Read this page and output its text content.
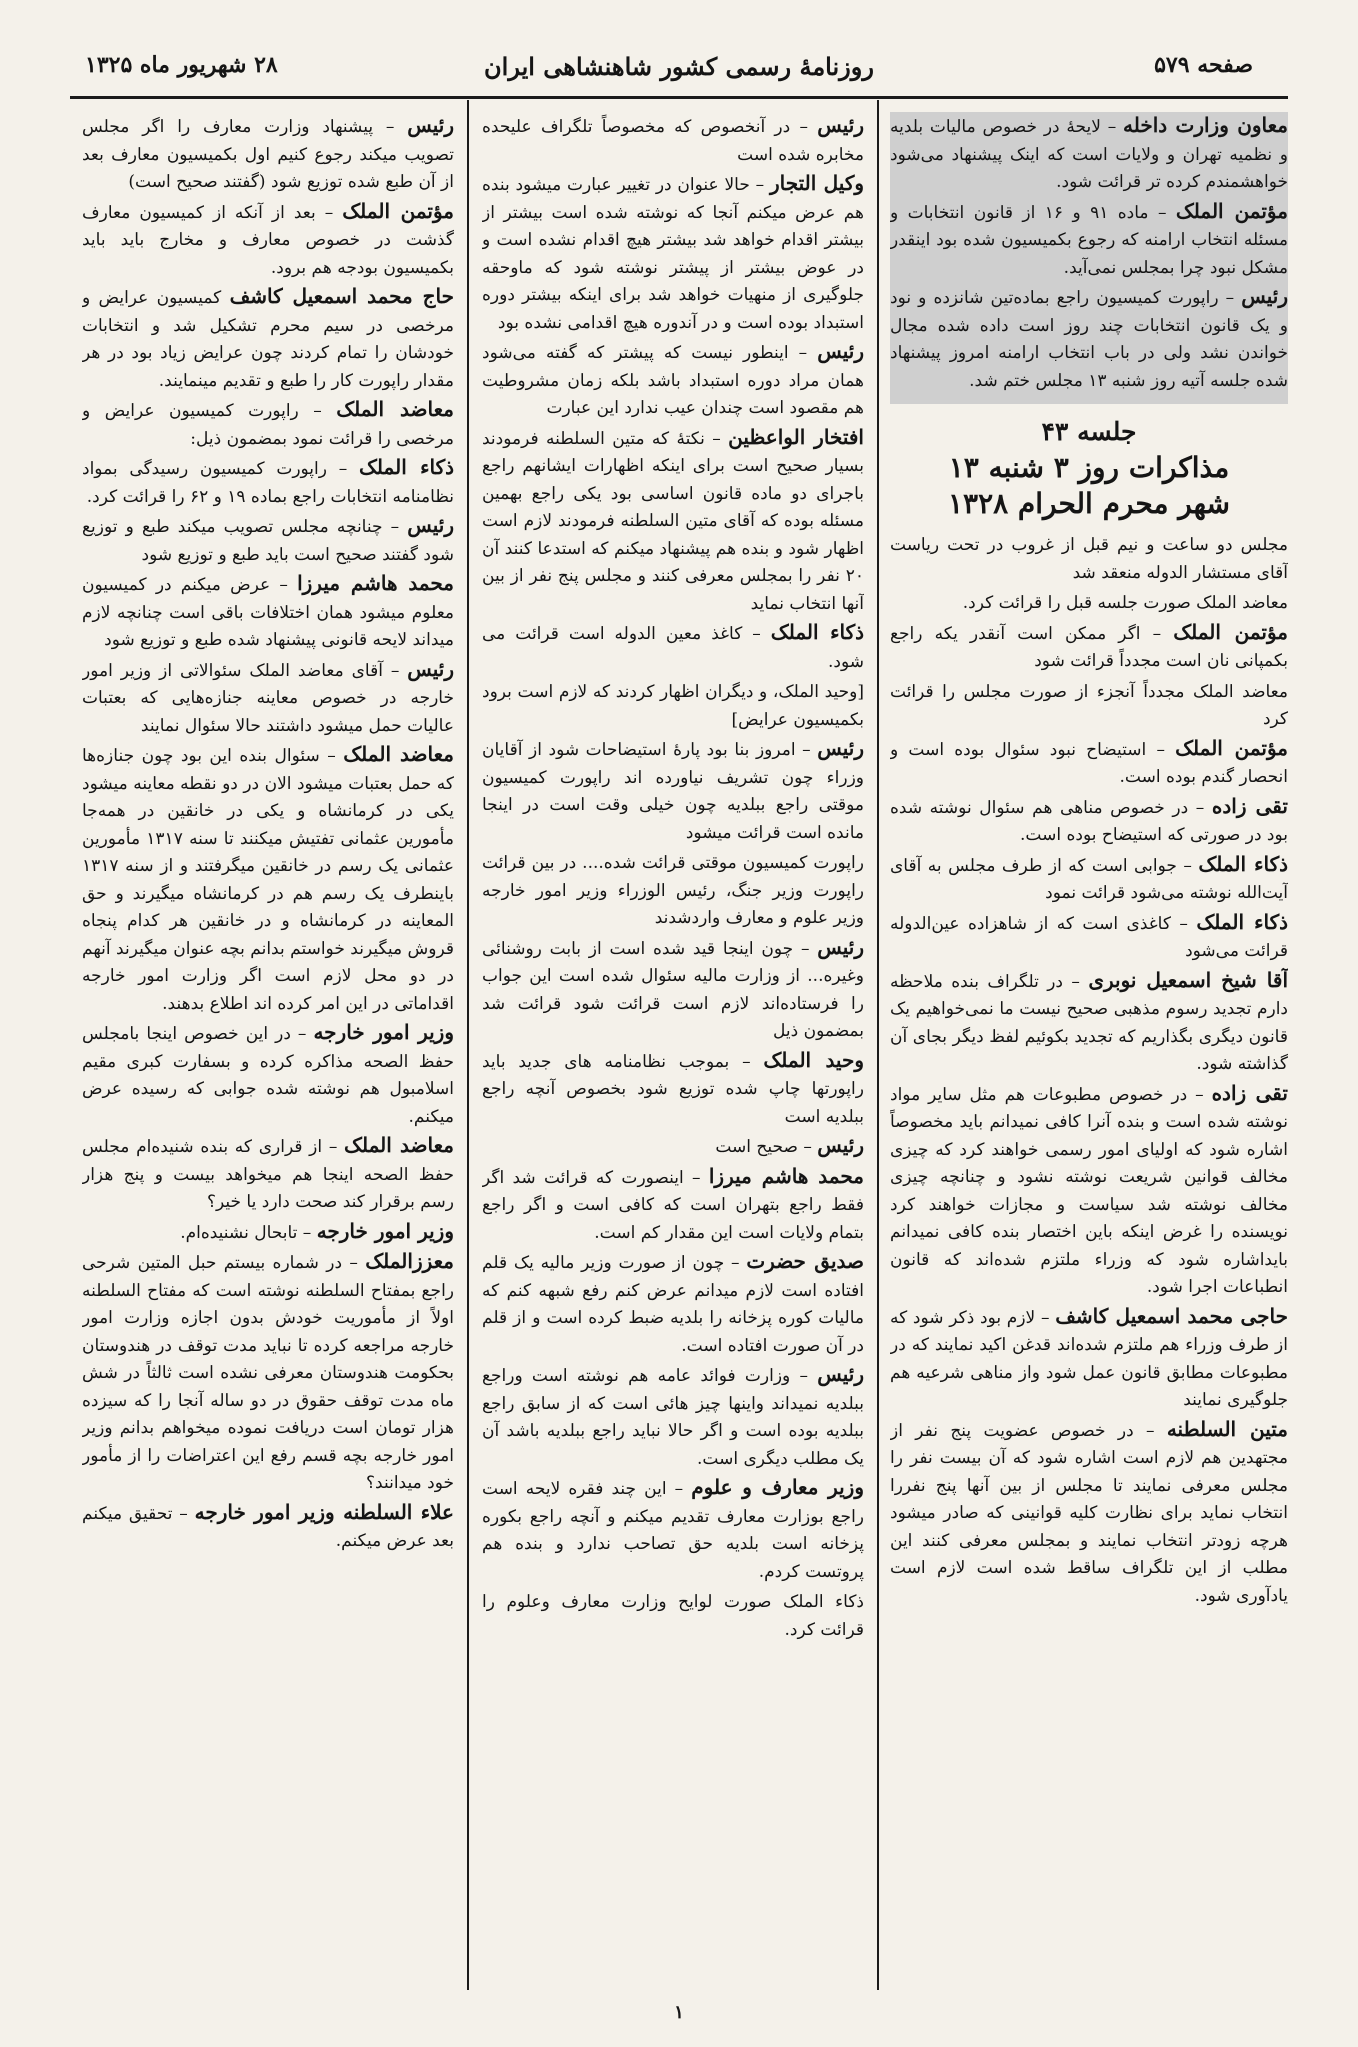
صفحه ۵۷۹
روزنامهٔ رسمی کشور شاهنشاهی ایران
۲۸ شهریور ماه ۱۳۲۵

معاون وزارت داخله – لایحهٔ در خصوص مالیات بلدیه و نظمیه تهران و ولایات است که اینک پیشنهاد می‌شود خواهشمندم کرده تر قرائت شود.

مؤتمن الملک – ماده ۹۱ و ۱۶ از قانون انتخابات و مسئله انتخاب ارامنه که رجوع بکمیسیون شده بود اینقدر مشکل نبود چرا بمجلس نمی‌آید.

رئیس – راپورت کمیسیون راجع بماده‌تین شانزده و نود و یک قانون انتخابات چند روز است داده شده مجال خواندن نشد ولی در باب انتخاب ارامنه امروز پیشنهاد شده جلسه آتیه روز شنبه ۱۳ مجلس ختم شد.

جلسه ۴۳
مذاکرات روز ۳ شنبه ۱۳
شهر محرم الحرام ۱۳۲۸

مجلس دو ساعت و نیم قبل از غروب در تحت ریاست آقای مستشار الدوله منعقد شد

معاضد الملک صورت جلسه قبل را قرائت کرد.

مؤتمن الملک – اگر ممکن است آنقدر یکه راجع بکمپانی نان است مجدداً قرائت شود

معاضد الملک مجدداً آنجزء از صورت مجلس را قرائت کرد

مؤتمن الملک – استیضاح نبود سئوال بوده است و انحصار گندم بوده است.

تقی زاده – در خصوص مناهی هم سئوال نوشته شده بود در صورتی که استیضاح بوده است.

ذکاء الملک – جوابی است که از طرف مجلس به آقای آیت‌الله نوشته می‌شود قرائت نمود

ذکاء الملک – کاغذی است که از شاهزاده عین‌الدوله قرائت می‌شود

آقا شیخ اسمعیل نوبری – در تلگراف بنده ملاحظه دارم تجدید رسوم مذهبی صحیح نیست ما نمی‌خواهیم یک قانون دیگری بگذاریم که تجدید بکوئیم لفظ دیگر بجای آن گذاشته شود.

تقی زاده – در خصوص مطبوعات هم مثل سایر مواد نوشته شده است و بنده آنرا کافی نمیدانم باید مخصوصاً اشاره شود که اولیای امور رسمی خواهند کرد که چیزی مخالف قوانین شریعت نوشته نشود و چنانچه چیزی مخالف نوشته شد سیاست و مجازات خواهند کرد نویسنده را غرض اینکه باین اختصار بنده کافی نمیدانم بایداشاره شود که وزراء ملتزم شده‌اند که قانون انطباعات اجرا شود.

حاجی محمد اسمعیل کاشف – لازم بود ذکر شود که از طرف وزراء هم ملتزم شده‌اند قدغن اکید نمایند که در مطبوعات مطابق قانون عمل شود واز مناهی شرعیه هم جلوگیری نمایند

متین السلطنه – در خصوص عضویت پنج نفر از مجتهدین هم لازم است اشاره شود که آن بیست نفر را مجلس معرفی نمایند تا مجلس از بین آنها پنج نفررا انتخاب نماید برای نظارت کلیه قوانینی که صادر میشود هرچه زودتر انتخاب نمایند و بمجلس معرفی کنند این مطلب از این تلگراف ساقط شده است لازم است یادآوری شود.

رئیس – در آنخصوص که مخصوصاً تلگراف علیحده مخابره شده است

وکیل التجار – حالا عنوان در تغییر عبارت میشود بنده هم عرض میکنم آنجا که نوشته شده است بیشتر از بیشتر اقدام خواهد شد بیشتر هیچ اقدام نشده است و در عوض بیشتر از پیشتر نوشته شود که ماوحقه جلوگیری از منهیات خواهد شد برای اینکه بیشتر دوره استبداد بوده است و در آندوره هیچ اقدامی نشده بود

رئیس – اینطور نیست که پیشتر که گفته می‌شود همان مراد دوره استبداد باشد بلکه زمان مشروطیت هم مقصود است چندان عیب ندارد این عبارت

افتخار الواعظین – نکتهٔ که متین السلطنه فرمودند بسیار صحیح است برای اینکه اظهارات ایشانهم راجع باجرای دو ماده قانون اساسی بود یکی راجع بهمین مسئله بوده که آقای متین السلطنه فرمودند لازم است اظهار شود و بنده هم پیشنهاد میکنم که استدعا کنند آن ۲۰ نفر را بمجلس معرفی کنند و مجلس پنج نفر از بین آنها انتخاب نماید

ذکاء الملک – کاغذ معین الدوله است قرائت می شود.

[وحید الملک، و دیگران اظهار کردند که لازم است برود بکمیسیون عرایض]

رئیس – امروز بنا بود پارهٔ استیضاحات شود از آقایان وزراء چون تشریف نیاورده اند راپورت کمیسیون موقتی راجع ببلدیه چون خیلی وقت است در اینجا مانده است قرائت میشود

راپورت کمیسیون موقتی قرائت شده.... در بین قرائت راپورت وزیر جنگ، رئیس الوزراء وزیر امور خارجه وزیر علوم و معارف واردشدند

رئیس – چون اینجا قید شده است از بابت روشنائی وغیره... از وزارت مالیه سئوال شده است این جواب را فرستاده‌اند لازم است قرائت شود قرائت شد بمضمون ذیل

وحید الملک – بموجب نظامنامه های جدید باید راپورتها چاپ شده توزیع شود بخصوص آنچه راجع ببلدیه است

رئیس – صحیح است

محمد هاشم میرزا – اینصورت که قرائت شد اگر فقط راجع بتهران است که کافی است و اگر راجع بتمام ولایات است این مقدار کم است.

صدیق حضرت – چون از صورت وزیر مالیه یک قلم افتاده است لازم میدانم عرض کنم رفع شبهه کنم که مالیات کوره پزخانه را بلدیه ضبط کرده است و از قلم در آن صورت افتاده است.

رئیس – وزارت فوائد عامه هم نوشته است وراجع ببلدیه نمیداند واینها چیز هائی است که از سابق راجع ببلدیه بوده است و اگر حالا نباید راجع ببلدیه باشد آن یک مطلب دیگری است.

وزیر معارف و علوم – این چند فقره لایحه است راجع بوزارت معارف تقدیم میکنم و آنچه راجع بکوره پزخانه است بلدیه حق تصاحب ندارد و بنده هم پروتست کردم.

ذکاء الملک صورت لوایح وزارت معارف وعلوم را قرائت کرد.

رئیس – پیشنهاد وزارت معارف را اگر مجلس تصویب میکند رجوع کنیم اول بکمیسیون معارف بعد از آن طبع شده توزیع شود (گفتند صحیح است)

مؤتمن الملک – بعد از آنکه از کمیسیون معارف گذشت در خصوص معارف و مخارج باید باید بکمیسیون بودجه هم برود.

حاج محمد اسمعیل کاشف کمیسیون عرایض و مرخصی در سیم محرم تشکیل شد و انتخابات خودشان را تمام کردند چون عرایض زیاد بود در هر مقدار راپورت کار را طبع و تقدیم مینمایند.

معاضد الملک – راپورت کمیسیون عرایض و مرخصی را قرائت نمود بمضمون ذیل:

ذکاء الملک – راپورت کمیسیون رسیدگی بمواد نظامنامه انتخابات راجع بماده ۱۹ و ۶۲ را قرائت کرد.

رئیس – چنانچه مجلس تصویب میکند طبع و توزیع شود گفتند صحیح است باید طبع و توزیع شود

محمد هاشم میرزا – عرض میکنم در کمیسیون معلوم میشود همان اختلافات باقی است چنانچه لازم میداند لایحه قانونی پیشنهاد شده طبع و توزیع شود

رئیس – آقای معاضد الملک سئوالاتی از وزیر امور خارجه در خصوص معاینه جنازه‌هایی که بعتبات عالیات حمل میشود داشتند حالا سئوال نمایند

معاضد الملک – سئوال بنده این بود چون جنازه‌ها که حمل بعتبات میشود الان در دو نقطه معاینه میشود یکی در کرمانشاه و یکی در خانقین در همه‌جا مأمورین عثمانی تفتیش میکنند تا سنه ۱۳۱۷ مأمورین عثمانی یک رسم در خانقین میگرفتند و از سنه ۱۳۱۷ باینطرف یک رسم هم در کرمانشاه میگیرند و حق المعاینه در کرمانشاه و در خانقین هر کدام پنجاه قروش میگیرند خواستم بدانم بچه عنوان میگیرند آنهم در دو محل لازم است اگر وزارت امور خارجه اقداماتی در این امر کرده اند اطلاع بدهند.

وزیر امور خارجه – در این خصوص اینجا بامجلس حفظ الصحه مذاکره کرده و بسفارت کبری مقیم اسلامبول هم نوشته شده جوابی که رسیده عرض میکنم.

معاضد الملک – از قراری که بنده شنیده‌ام مجلس حفظ الصحه اینجا هم میخواهد بیست و پنج هزار رسم برقرار کند صحت دارد یا خیر؟

وزیر امور خارجه – تابحال نشنیده‌ام.

معززالملک – در شماره بیستم حبل المتین شرحی راجع بمفتاح السلطنه نوشته است که مفتاح السلطنه اولاً از مأموریت خودش بدون اجازه وزارت امور خارجه مراجعه کرده تا نباید مدت توقف در هندوستان بحکومت هندوستان معرفی نشده است ثالثاً در شش ماه مدت توقف حقوق در دو ساله آنجا را که سیزده هزار تومان است دریافت نموده میخواهم بدانم وزیر امور خارجه بچه قسم رفع این اعتراضات را از مأمور خود میدانند؟

علاء السلطنه وزیر امور خارجه – تحقیق میکنم بعد عرض میکنم.

۱
